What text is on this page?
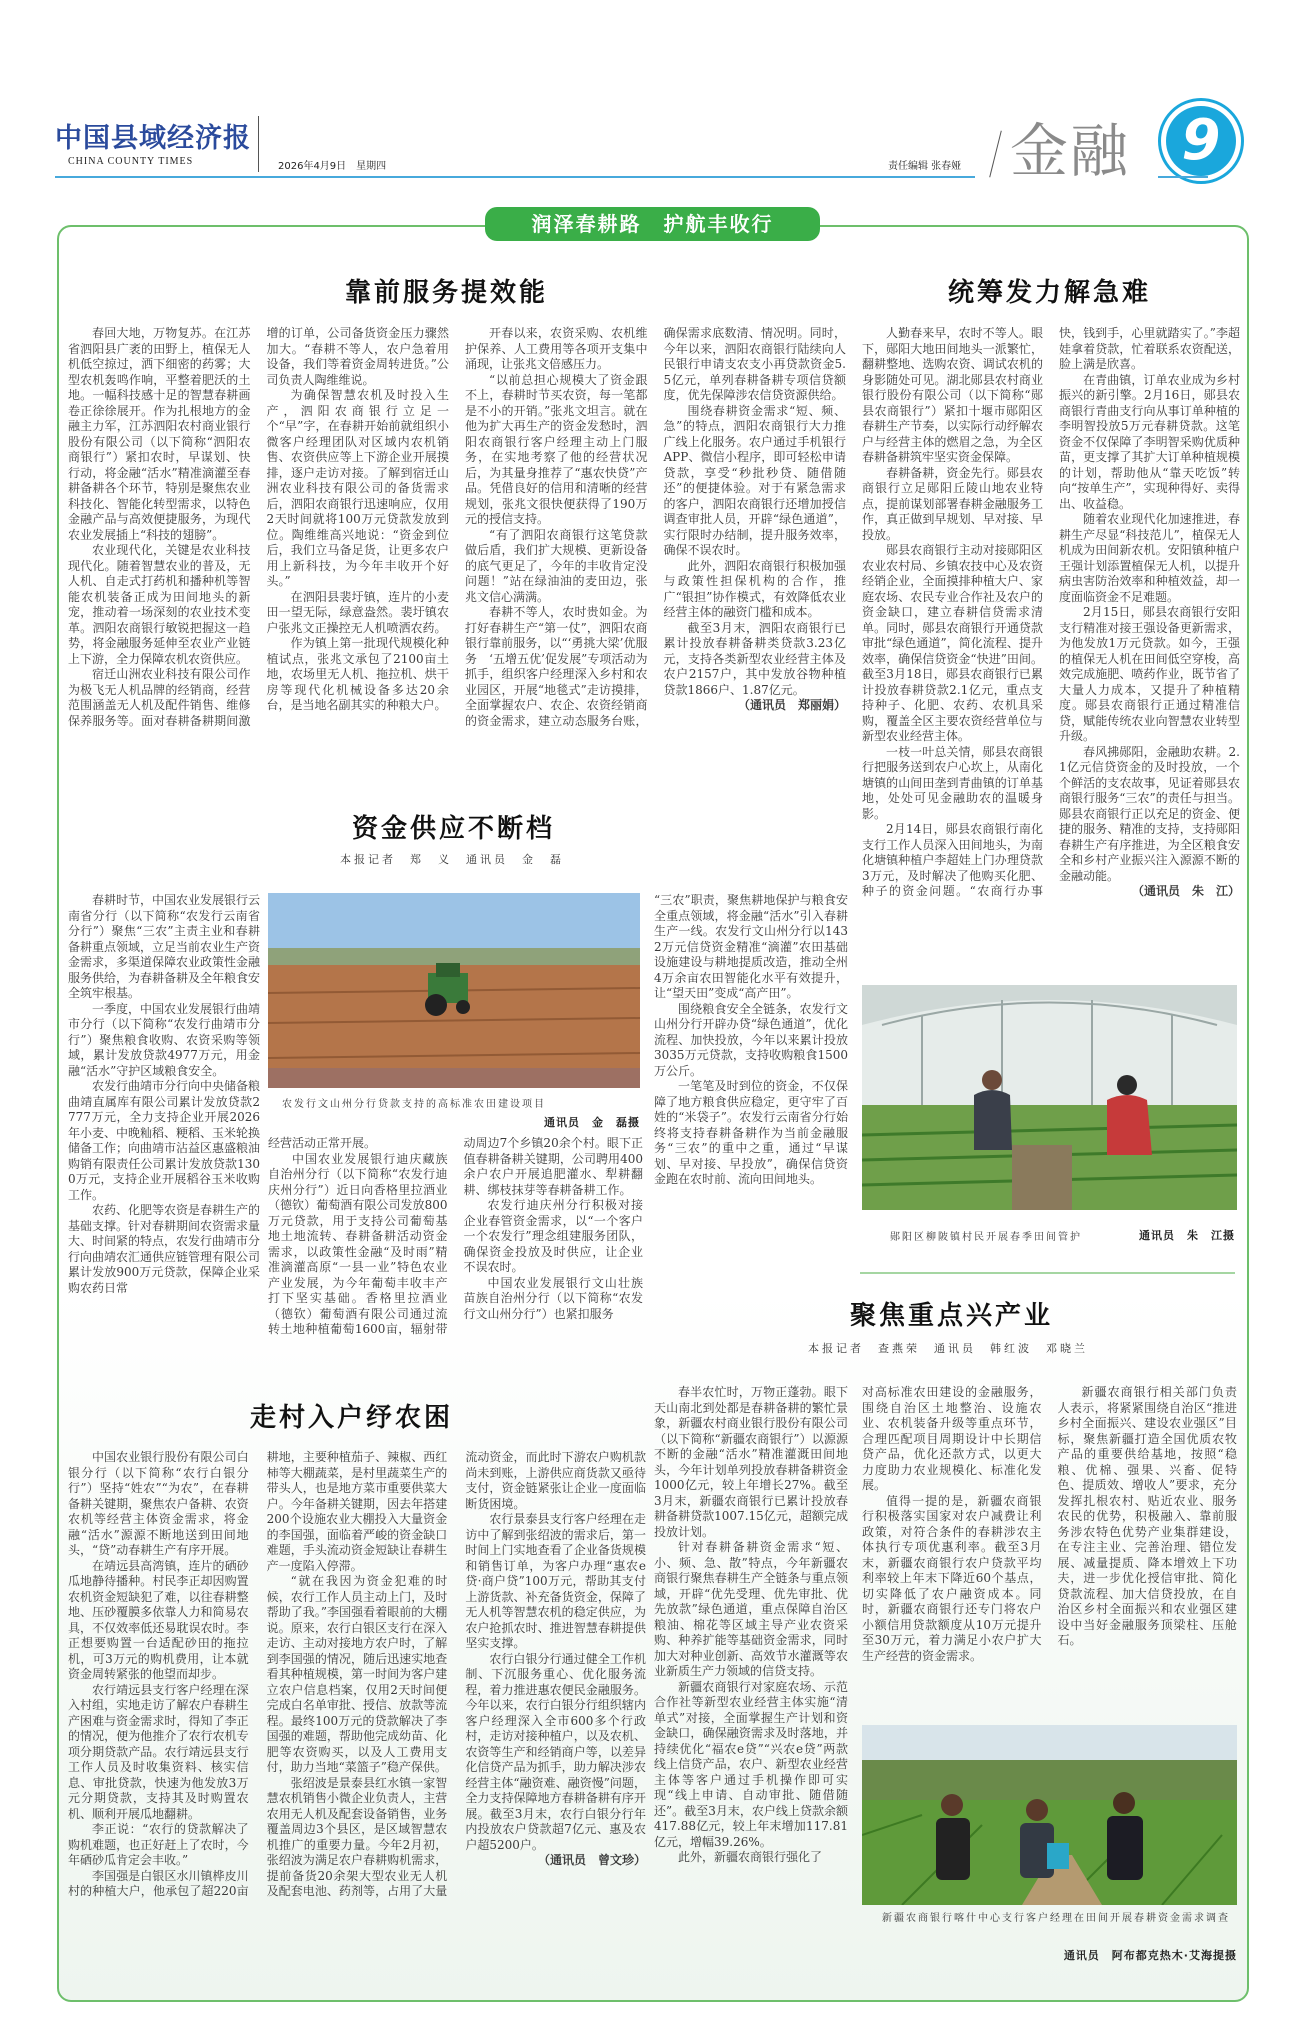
中国县域经济报
CHINA COUNTY TIMES	2026年4月9日　星期四	责任编辑 张春娅 金融 9
润泽春耕路　护航丰收行
靠前服务提效能

春回大地，万物复苏。在江苏省泗阳县广袤的田野上，植保无人机低空掠过，洒下细密的药雾；大型农机轰鸣作响，平整着肥沃的土地。一幅科技感十足的智慧春耕画卷正徐徐展开。作为扎根地方的金融主力军，江苏泗阳农村商业银行股份有限公司（以下简称“泗阳农商银行”）紧扣农时，早谋划、快行动，将金融“活水”精准滴灌至春耕备耕各个环节，特别是聚焦农业科技化、智能化转型需求，以特色金融产品与高效便捷服务，为现代农业发展插上“科技的翅膀”。

农业现代化，关键是农业科技现代化。随着智慧农业的普及，无人机、自走式打药机和播种机等智能农机装备正成为田间地头的新宠，推动着一场深刻的农业技术变革。泗阳农商银行敏锐把握这一趋势，将金融服务延伸至农业产业链上下游，全力保障农机农资供应。

宿迁山洲农业科技有限公司作为极飞无人机品牌的经销商，经营范围涵盖无人机及配件销售、维修保养服务等。面对春耕备耕期间激增的订单，公司备货资金压力骤然加大。“春耕不等人，农户急着用设备，我们等着资金周转进货。”公司负责人陶维维说。

为确保智慧农机及时投入生产，泗阳农商银行立足一个“早”字，在春耕开始前就组织小微客户经理团队对区域内农机销售、农资供应等上下游企业开展摸排，逐户走访对接。了解到宿迁山洲农业科技有限公司的备货需求后，泗阳农商银行迅速响应，仅用2天时间就将100万元贷款发放到位。陶维维高兴地说：“资金到位后，我们立马备足货，让更多农户用上新科技，为今年丰收开个好头。”

在泗阳县裴圩镇，连片的小麦田一望无际，绿意盎然。裴圩镇农户张兆文正操控无人机喷洒农药。

作为镇上第一批现代规模化种植试点，张兆文承包了2100亩土地，农场里无人机、拖拉机、烘干房等现代化机械设备多达20余台，是当地名副其实的种粮大户。

开春以来，农资采购、农机维护保养、人工费用等各项开支集中涌现，让张兆文倍感压力。

“以前总担心规模大了资金跟不上，春耕时节买农资，每一笔都是不小的开销。”张兆文坦言。就在他为扩大再生产的资金发愁时，泗阳农商银行客户经理主动上门服务，在实地考察了他的经营状况后，为其量身推荐了“惠农快贷”产品。凭借良好的信用和清晰的经营规划，张兆文很快便获得了190万元的授信支持。

“有了泗阳农商银行这笔贷款做后盾，我们扩大规模、更新设备的底气更足了，今年的丰收肯定没问题！”站在绿油油的麦田边，张兆文信心满满。

春耕不等人，农时贵如金。为打好春耕生产“第一仗”，泗阳农商银行靠前服务，以“‘勇挑大梁’优服务　‘五增五优’促发展”专项活动为抓手，组织客户经理深入乡村和农业园区，开展“地毯式”走访摸排，全面掌握农户、农企、农资经销商的资金需求，建立动态服务台账，确保需求底数清、情况明。同时，今年以来，泗阳农商银行陆续向人民银行申请支农支小再贷款资金5.5亿元，单列春耕备耕专项信贷额度，优先保障涉农信贷资源供给。

围绕春耕资金需求“短、频、急”的特点，泗阳农商银行大力推广线上化服务。农户通过手机银行APP、微信小程序，即可轻松申请贷款，享受“秒批秒贷、随借随还”的便捷体验。对于有紧急需求的客户，泗阳农商银行还增加授信调查审批人员，开辟“绿色通道”，实行限时办结制，提升服务效率，确保不误农时。

此外，泗阳农商银行积极加强与政策性担保机构的合作，推广“银担”协作模式，有效降低农业经营主体的融资门槛和成本。

截至3月末，泗阳农商银行已累计投放春耕备耕类贷款3.23亿元，支持各类新型农业经营主体及农户2157户，其中发放谷物种植贷款1866户、1.87亿元。

（通讯员　郑丽娟）

统筹发力解急难

人勤春来早，农时不等人。眼下，郧阳大地田间地头一派繁忙，翻耕整地、选购农资、调试农机的身影随处可见。湖北郧县农村商业银行股份有限公司（以下简称“郧县农商银行”）紧扣十堰市郧阳区春耕生产节奏，以实际行动纾解农户与经营主体的燃眉之急，为全区春耕备耕筑牢坚实资金保障。

春耕备耕，资金先行。郧县农商银行立足郧阳丘陵山地农业特点，提前谋划部署春耕金融服务工作，真正做到早规划、早对接、早投放。

郧县农商银行主动对接郧阳区农业农村局、乡镇农技中心及农资经销企业，全面摸排种植大户、家庭农场、农民专业合作社及农户的资金缺口，建立春耕信贷需求清单。同时，郧县农商银行开通贷款审批“绿色通道”，简化流程、提升效率，确保信贷资金“快进”田间。截至3月18日，郧县农商银行已累计投放春耕贷款2.1亿元，重点支持种子、化肥、农药、农机具采购，覆盖全区主要农资经营单位与新型农业经营主体。

一枝一叶总关情，郧县农商银行把服务送到农户心坎上，从南化塘镇的山间田垄到青曲镇的订单基地，处处可见金融助农的温暖身影。

2月14日，郧县农商银行南化支行工作人员深入田间地头，为南化塘镇种植户李超娃上门办理贷款3万元，及时解决了他购买化肥、种子的资金问题。“农商行办事快，钱到手，心里就踏实了。”李超娃拿着贷款，忙着联系农资配送，脸上满是欣喜。

在青曲镇，订单农业成为乡村振兴的新引擎。2月16日，郧县农商银行青曲支行向从事订单种植的李明智投放5万元春耕贷款。这笔资金不仅保障了李明智采购优质种苗，更支撑了其扩大订单种植规模的计划，帮助他从“靠天吃饭”转向“按单生产”，实现种得好、卖得出、收益稳。

随着农业现代化加速推进，春耕生产尽显“科技范儿”，植保无人机成为田间新农机。安阳镇种植户王强计划添置植保无人机，以提升病虫害防治效率和种植效益，却一度面临资金不足难题。

2月15日，郧县农商银行安阳支行精准对接王强设备更新需求，为他发放1万元贷款。如今，王强的植保无人机在田间低空穿梭，高效完成施肥、喷药作业，既节省了大量人力成本，又提升了种植精度。郧县农商银行正通过精准信贷，赋能传统农业向智慧农业转型升级。

春风拂郧阳，金融助农耕。2.1亿元信贷资金的及时投放，一个个鲜活的支农故事，见证着郧县农商银行服务“三农”的责任与担当。郧县农商银行正以充足的资金、便捷的服务、精准的支持，支持郧阳春耕生产有序推进，为全区粮食安全和乡村产业振兴注入源源不断的金融动能。

（通讯员　朱　江）

郧阳区柳陂镇村民开展春季田间管护	通讯员　朱　江摄
资金供应不断档
本报记者　郑　义　通讯员　金　磊

春耕时节，中国农业发展银行云南省分行（以下简称“农发行云南省分行”）聚焦“三农”主责主业和春耕备耕重点领域，立足当前农业生产资金需求，多渠道保障农业政策性金融服务供给，为春耕备耕及全年粮食安全筑牢根基。

一季度，中国农业发展银行曲靖市分行（以下简称“农发行曲靖市分行”）聚焦粮食收购、农资采购等领域，累计发放贷款4977万元，用金融“活水”守护区域粮食安全。

农发行曲靖市分行向中央储备粮曲靖直属库有限公司累计发放贷款2777万元，全力支持企业开展2026年小麦、中晚籼稻、粳稻、玉米轮换储备工作；向曲靖市沾益区惠盛粮油购销有限责任公司累计发放贷款1300万元，支持企业开展稻谷玉米收购工作。

农药、化肥等农资是春耕生产的基础支撑。针对春耕期间农资需求量大、时间紧的特点，农发行曲靖市分行向曲靖农汇通供应链管理有限公司累计发放900万元贷款，保障企业采购农药日常

农发行文山州分行贷款支持的高标准农田建设项目
通讯员　金　磊摄

经营活动正常开展。

中国农业发展银行迪庆藏族自治州分行（以下简称“农发行迪庆州分行”）近日向香格里拉酒业（德钦）葡萄酒有限公司发放800万元贷款，用于支持公司葡萄基地土地流转、春耕备耕活动资金需求，以政策性金融“及时雨”精准滴灌高原“一县一业”特色农业产业发展，为今年葡萄丰收丰产打下坚实基础。香格里拉酒业（德钦）葡萄酒有限公司通过流转土地种植葡萄1600亩，辐射带动周边7个乡镇20余个村。眼下正值春耕备耕关键期，公司聘用400余户农户开展追肥灌水、犁耕翻耕、绑枝抹芽等春耕备耕工作。

农发行迪庆州分行积极对接企业春管资金需求，以“一个客户一个农发行”理念组建服务团队，确保资金投放及时供应，让企业不误农时。

中国农业发展银行文山壮族苗族自治州分行（以下简称“农发行文山州分行”）也紧扣服务

“三农”职责，聚焦耕地保护与粮食安全重点领域，将金融“活水”引入春耕生产一线。农发行文山州分行以1432万元信贷资金精准“滴灌”农田基础设施建设与耕地提质改造，推动全州4万余亩农田智能化水平有效提升，让“望天田”变成“高产田”。

围绕粮食安全全链条，农发行文山州分行开辟办贷“绿色通道”，优化流程、加快投放，今年以来累计投放3035万元贷款，支持收购粮食1500万公斤。

一笔笔及时到位的资金，不仅保障了地方粮食供应稳定，更守牢了百姓的“米袋子”。农发行云南省分行始终将支持春耕备耕作为当前金融服务“三农”的重中之重，通过“早谋划、早对接、早投放”，确保信贷资金跑在农时前、流向田间地头。

聚焦重点兴产业
本报记者　查燕荣　通讯员　韩红波　邓晓兰

春半农忙时，万物正蓬勃。眼下天山南北到处都是春耕备耕的繁忙景象，新疆农村商业银行股份有限公司（以下简称“新疆农商银行”）以源源不断的金融“活水”精准灌溉田间地头，今年计划单列投放春耕备耕资金1000亿元，较上年增长27%。截至3月末，新疆农商银行已累计投放春耕备耕贷款1007.15亿元，超额完成投放计划。

针对春耕备耕资金需求“短、小、频、急、散”特点，今年新疆农商银行聚焦春耕生产全链条与重点领域，开辟“优先受理、优先审批、优先放款”绿色通道，重点保障自治区粮油、棉花等区域主导产业农资采购、种养扩能等基础资金需求，同时加大对种业创新、高效节水灌溉等农业新质生产力领域的信贷支持。

新疆农商银行对家庭农场、示范合作社等新型农业经营主体实施“清单式”对接，全面掌握生产计划和资金缺口，确保融资需求及时落地，并持续优化“福农e贷”“兴农e贷”两款线上信贷产品，农户、新型农业经营主体等客户通过手机操作即可实现“线上申请、自动审批、随借随还”。截至3月末，农户线上贷款余额417.88亿元，较上年末增加117.81亿元，增幅39.26%。

此外，新疆农商银行强化了

对高标准农田建设的金融服务，围绕自治区土地整治、设施农业、农机装备升级等重点环节，合理匹配项目周期设计中长期信贷产品，优化还款方式，以更大力度助力农业规模化、标准化发展。

值得一提的是，新疆农商银行积极落实国家对农户减费让利政策，对符合条件的春耕涉农主体执行专项优惠利率。截至3月末，新疆农商银行农户贷款平均利率较上年末下降近60个基点，切实降低了农户融资成本。同时，新疆农商银行还专门将农户小额信用贷款额度从10万元提升至30万元，着力满足小农户扩大生产经营的资金需求。

新疆农商银行相关部门负责人表示，将紧紧围绕自治区“推进乡村全面振兴、建设农业强区”目标，聚焦新疆打造全国优质农牧产品的重要供给基地，按照“稳粮、优棉、强果、兴畜、促特色、提质效、增收人”要求，充分发挥扎根农村、贴近农业、服务农民的优势，积极融入、靠前服务涉农特色优势产业集群建设，在专注主业、完善治理、错位发展、减量提质、降本增效上下功夫，进一步优化授信审批、简化贷款流程、加大信贷投放，在自治区乡村全面振兴和农业强区建设中当好金融服务顶梁柱、压舱石。

新疆农商银行喀什中心支行客户经理在田间开展春耕资金需求调查
通讯员　阿布都克热木·艾海提摄
走村入户纾农困

中国农业银行股份有限公司白银分行（以下简称“农行白银分行”）坚持“姓农”“为农”，在春耕备耕关键期，聚焦农户备耕、农资农机等经营主体资金需求，将金融“活水”源源不断地送到田间地头，“贷”动春耕生产有序开展。

在靖远县高湾镇，连片的硒砂瓜地静待播种。村民李正却因购置农机资金短缺犯了难，以往春耕整地、压砂覆膜多依靠人力和简易农具，不仅效率低还易耽误农时。李正想要购置一台适配砂田的拖拉机，可3万元的购机费用，让本就资金周转紧张的他望而却步。

农行靖远县支行客户经理在深入村组，实地走访了解农户春耕生产困难与资金需求时，得知了李正的情况，便为他推介了农行农机专项分期贷款产品。农行靖远县支行工作人员及时收集资料、核实信息、审批贷款，快速为他发放3万元分期贷款，支持其及时购置农机、顺利开展瓜地翻耕。

李正说：“农行的贷款解决了购机难题，也正好赶上了农时，今年硒砂瓜肯定会丰收。”

李国强是白银区水川镇桦皮川村的种植大户，他承包了超220亩耕地，主要种植茄子、辣椒、西红柿等大棚蔬菜，是村里蔬菜生产的带头人，也是地方菜市重要供菜大户。今年备耕关键期，因去年搭建200个设施农业大棚投入大量资金的李国强，面临着严峻的资金缺口难题，手头流动资金短缺让春耕生产一度陷入停滞。

“就在我因为资金犯难的时候，农行工作人员主动上门，及时帮助了我。”李国强看着眼前的大棚说。原来，农行白银区支行在深入走访、主动对接地方农户时，了解到李国强的情况，随后迅速实地查看其种植规模，第一时间为客户建立农户信息档案，仅用2天时间便完成白名单审批、授信、放款等流程。最终100万元的贷款解决了李国强的难题，帮助他完成幼苗、化肥等农资购买，以及人工费用支付，助力当地“菜篮子”稳产保供。

张绍波是景泰县红水镇一家智慧农机销售小微企业负责人，主营农用无人机及配套设备销售，业务覆盖周边3个县区，是区域智慧农机推广的重要力量。今年2月初，张绍波为满足农户春耕购机需求，提前备货20余架大型农业无人机及配套电池、药剂等，占用了大量流动资金，而此时下游农户购机款尚未到账，上游供应商货款又亟待支付，资金链紧张让企业一度面临断货困境。

农行景泰县支行客户经理在走访中了解到张绍波的需求后，第一时间上门实地查看了企业备货规模和销售订单，为客户办理“惠农e贷·商户贷”100万元，帮助其支付上游货款、补充备货资金，保障了无人机等智慧农机的稳定供应，为农户抢抓农时、推进智慧春耕提供坚实支撑。

农行白银分行通过健全工作机制、下沉服务重心、优化服务流程，着力推进惠农便民金融服务。今年以来，农行白银分行组织辖内客户经理深入全市600多个行政村，走访对接种植户，以及农机、农资等生产和经销商户等，以差异化信贷产品为抓手，助力解决涉农经营主体“融资难、融资慢”问题，全力支持保障地方春耕备耕有序开展。截至3月末，农行白银分行年内投放农户贷款超7亿元、惠及农户超5200户。

（通讯员　曾文珍）
